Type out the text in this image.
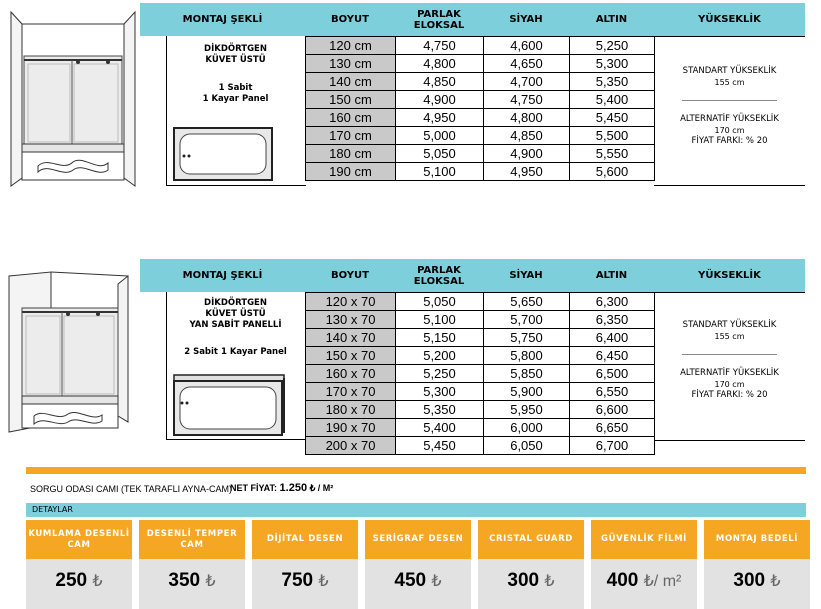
MONTAJ ŞEKLİ	BOYUT	PARLAK
ELOKSAL	SİYAH	ALTIN	YÜKSEKLİK
DİKDÖRTGEN
KÜVET ÜSTÜ

1 Sabit
1 Kayar Panel
120 cm	4,750	4,600	5,250
130 cm	4,800	4,650	5,300
140 cm	4,850	4,700	5,350
150 cm	4,900	4,750	5,400
160 cm	4,950	4,800	5,450
170 cm	5,000	4,850	5,500
180 cm	5,050	4,900	5,550
190 cm	5,100	4,950	5,600
STANDART YÜKSEKLİK
155 cm
ALTERNATİF YÜKSEKLİK
170 cm
FİYAT FARKI: % 20
MONTAJ ŞEKLİ	BOYUT	PARLAK
ELOKSAL	SİYAH	ALTIN	YÜKSEKLİK
DİKDÖRTGEN
KÜVET ÜSTÜ
YAN SABİT PANELLİ
2 Sabit 1 Kayar Panel
120 x 70	5,050	5,650	6,300
130 x 70	5,100	5,700	6,350
140 x 70	5,150	5,750	6,400
150 x 70	5,200	5,800	6,450
160 x 70	5,250	5,850	6,500
170 x 70	5,300	5,900	6,550
180 x 70	5,350	5,950	6,600
190 x 70	5,400	6,000	6,650
200 x 70	5,450	6,050	6,700
STANDART YÜKSEKLİK
155 cm
ALTERNATİF YÜKSEKLİK
170 cm
FİYAT FARKI: % 20
SORGU ODASI CAMI (TEK TARAFLI AYNA-CAM)
NET FİYAT: 1.250 ₺ / M²
DETAYLAR
KUMLAMA DESENLİ CAM
250 ₺
DESENLİ TEMPER CAM
350 ₺
DİJİTAL DESEN
750 ₺
SERİGRAF DESEN
450 ₺
CRISTAL GUARD
300 ₺
GÜVENLİK FİLMİ
400 ₺/ m²
MONTAJ BEDELİ
300 ₺
